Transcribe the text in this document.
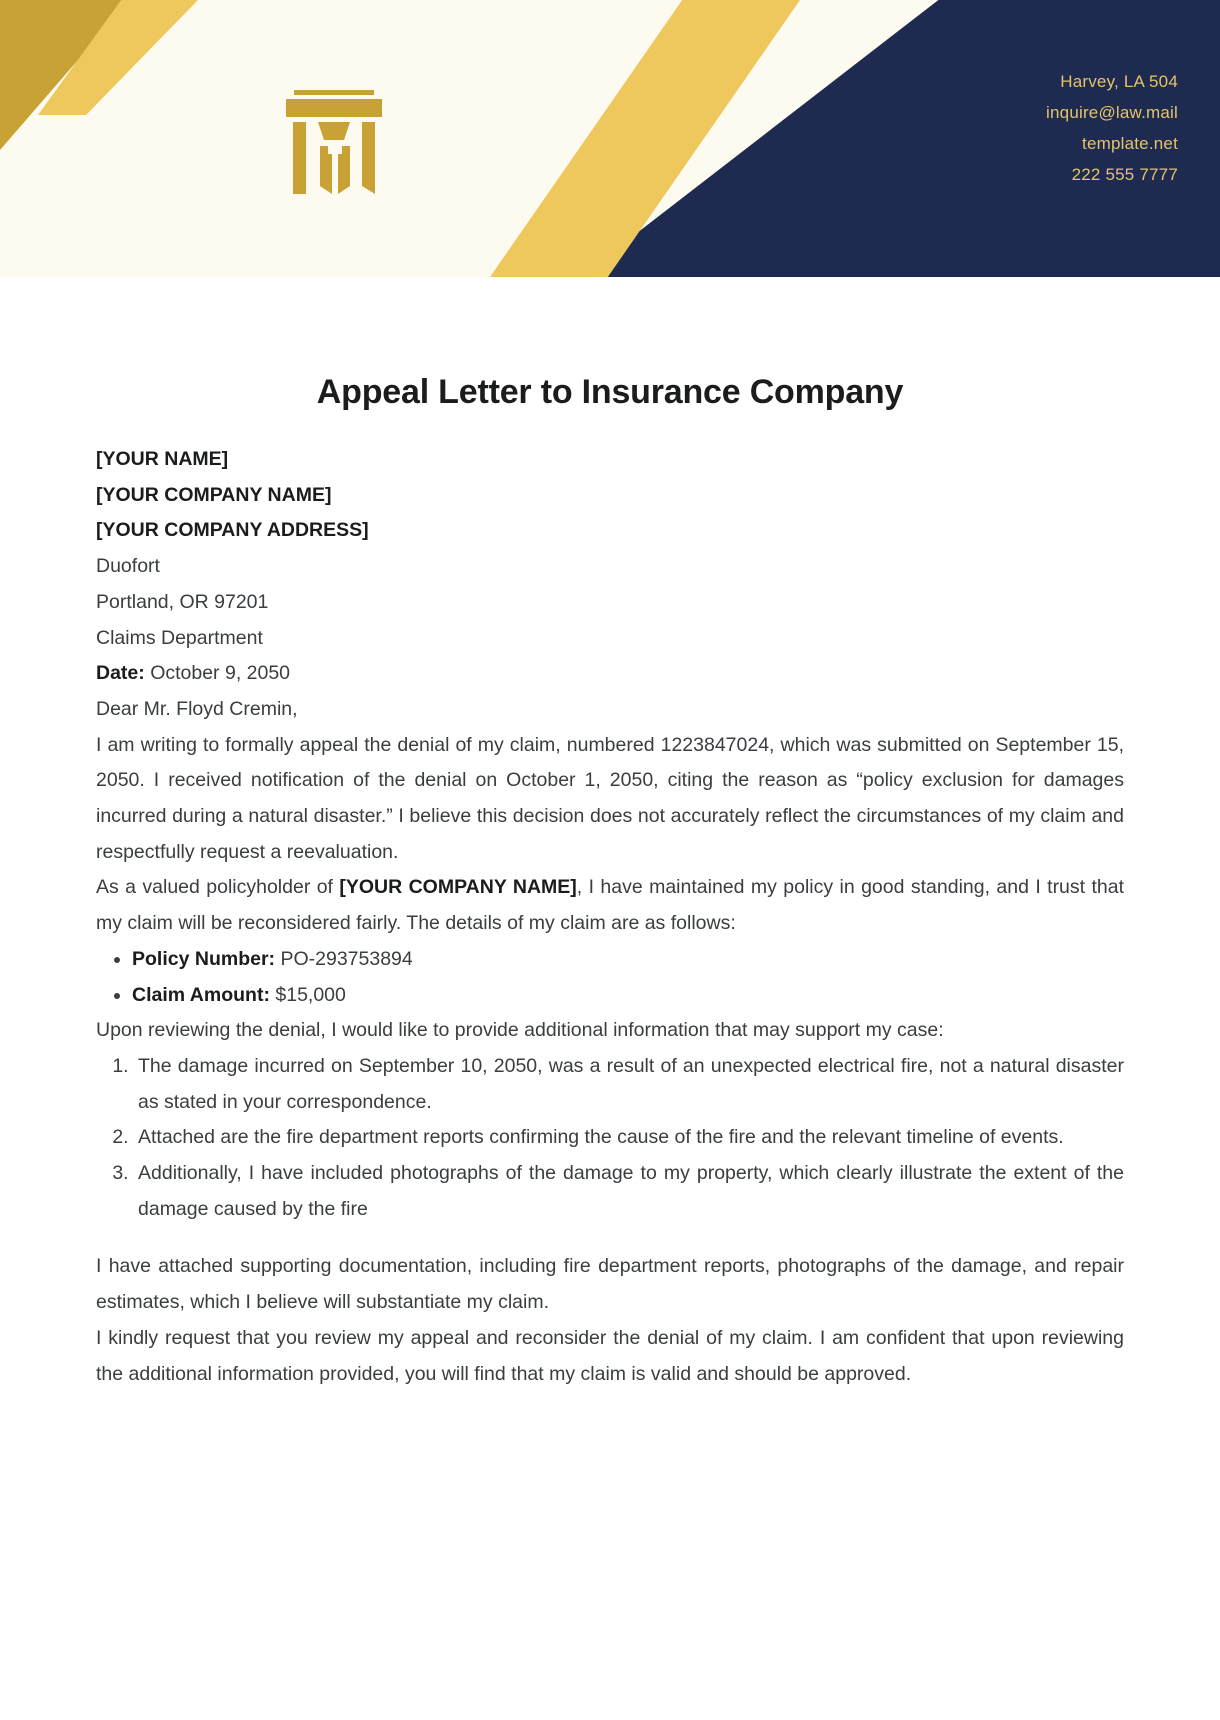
Harvey, LA 504
inquire@law.mail
template.net
222 555 7777
Appeal Letter to Insurance Company
[YOUR NAME]
[YOUR COMPANY NAME]
[YOUR COMPANY ADDRESS]
Duofort
Portland, OR 97201
Claims Department

Date: October 9, 2050

Dear Mr. Floyd Cremin,

I am writing to formally appeal the denial of my claim, numbered 1223847024, which was submitted on September 15, 2050. I received notification of the denial on October 1, 2050, citing the reason as “policy exclusion for damages incurred during a natural disaster.” I believe this decision does not accurately reflect the circumstances of my claim and respectfully request a reevaluation.

As a valued policyholder of [YOUR COMPANY NAME], I have maintained my policy in good standing, and I trust that my claim will be reconsidered fairly. The details of my claim are as follows:

• Policy Number: PO-293753894
• Claim Amount: $15,000

Upon reviewing the denial, I would like to provide additional information that may support my case:

1. The damage incurred on September 10, 2050, was a result of an unexpected electrical fire, not a natural disaster as stated in your correspondence.
2. Attached are the fire department reports confirming the cause of the fire and the relevant timeline of events.
3. Additionally, I have included photographs of the damage to my property, which clearly illustrate the extent of the damage caused by the fire

I have attached supporting documentation, including fire department reports, photographs of the damage, and repair estimates, which I believe will substantiate my claim.

I kindly request that you review my appeal and reconsider the denial of my claim. I am confident that upon reviewing the additional information provided, you will find that my claim is valid and should be approved.
